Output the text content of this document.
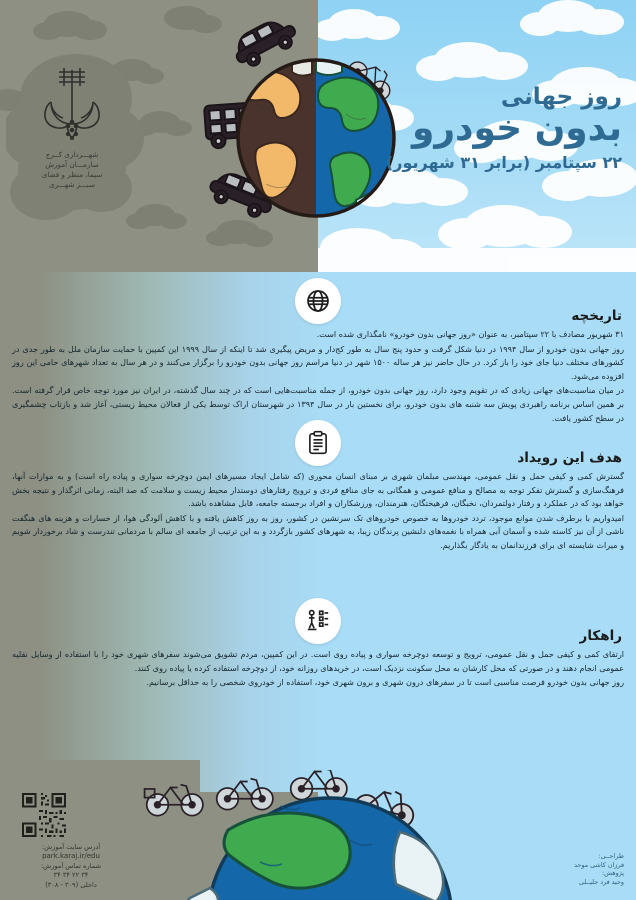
شهـــرداری کــرج
سازمـــان آموزش
سیما، منظر و فضای
سبـــز شهـــری
روز جهانی
بدون خودرو
۲۲ سپتامبر (برابر ۳۱ شهریور)
تاریخچه

۳۱ شهریور مصادف با ۲۲ سپتامبر، به عنوان «روز جهانی بدون خودرو» نامگذاری شده است.

روز جهانی بدون خودرو از سال ۱۹۹۴ در دنیا شکل گرفت و حدود پنج سال به طور کج‌دار و مریض پیگیری شد تا اینکه از سال ۱۹۹۹ این کمپین با حمایت سازمان ملل به طور جدی در کشورهای مختلف دنیا جای خود را باز کرد. در حال حاضر نیز هر ساله ۱۵۰۰ شهر در دنیا مراسم روز جهانی بدون خودرو را برگزار می‌کنند و در هر سال به تعداد شهرهای حامی این روز افزوده می‌شود.

در میان مناسبت‌های جهانی زیادی که در تقویم وجود دارد، روز جهانی بدون خودرو، از جمله مناسبت‌هایی است که در چند سال گذشته، در ایران نیز مورد توجه خاص قرار گرفته است. بر همین اساس برنامه راهبردی پویش سه شنبه های بدون خودرو، برای نخستین بار در سال ۱۳۹۴ در شهرستان اراک توسط یکی از فعالان محیط زیستی، آغاز شد و بازتاب چشمگیری در سطح کشور یافت.

هدف این رویداد

گسترش کمی و کیفی حمل و نقل عمومی، مهندسی مبلمان شهری بر مبنای انسان محوری (که شامل ایجاد مسیرهای ایمن دوچرخه سواری و پیاده راه است) و به موازات آنها، فرهنگ‌سازی و گسترش تفکر توجه به مصالح و منافع عمومی و همگانی به جای منافع فردی و ترویج رفتارهای دوستدار محیط زیست و سلامت که صد البته، زمانی اثرگذار و نتیجه بخش خواهد بود که در عملکرد و رفتار دولتمردان، نخبگان، فرهیختگان، هنرمندان، ورزشکاران و افراد برجسته جامعه، قابل مشاهده باشد.

امیدواریم با برطرف شدن موانع موجود، تردد خودروها به خصوص خودروهای تک سرنشین در کشور، روز به روز کاهش یافته و با کاهش آلودگی هوا، از خسارات و هزینه های هنگفت ناشی از آن نیز کاسته شده و آسمان آبی همراه با نغمه‌های دلنشین پرندگان زیبا، به شهرهای کشور بازگردد و به این ترتیب از جامعه ای سالم با مردمانی تندرست و شاد برخوردار شویم و میراث شایسته ای برای فرزندانمان به یادگار بگذاریم.

راهکار

ارتقای کمی و کیفی حمل و نقل عمومی، ترویج و توسعه دوچرخه سواری و پیاده روی است. در این کمپین، مردم تشویق می‌شوند سفرهای شهری خود را با استفاده از وسایل نقلیه عمومی انجام دهند و در صورتی که محل کارشان به محل سکونت نزدیک است، در خریدهای روزانه خود، از دوچرخه استفاده کرده یا پیاده روی کنند.

روز جهانی بدون خودرو فرصت مناسبی است تا در سفرهای درون شهری و برون شهری خود، استفاده از خودروی شخصی را به حداقل برسانیم.

آدرس سایت آموزش:
park.karaj.ir/edu
شماره تماس آموزش:
۳۴ ۲۲ ۳۴ ۳۴
داخلی (۳۰۹ - ۳۰۸)
طراحــی:
فرزان کاشی موحد
پژوهش:
وحید فرد جلیــلی
